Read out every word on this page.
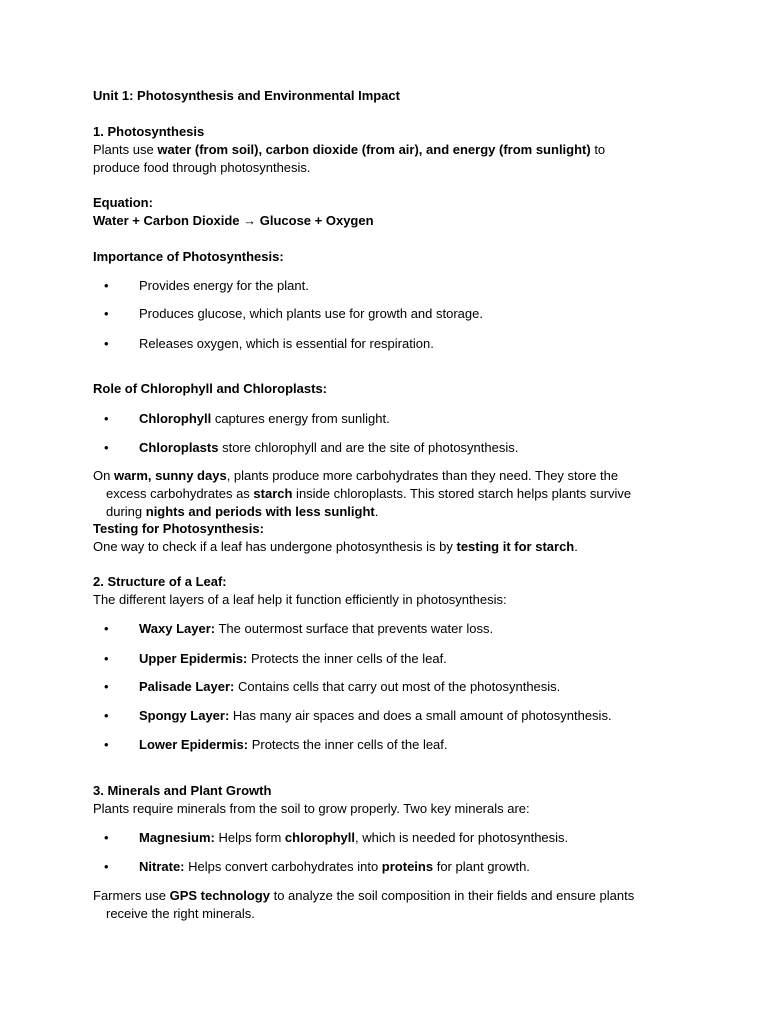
Unit 1: Photosynthesis and Environmental Impact
1. Photosynthesis
Plants use water (from soil), carbon dioxide (from air), and energy (from sunlight) to
produce food through photosynthesis.
Equation:
Water + Carbon Dioxide → Glucose + Oxygen
Importance of Photosynthesis:
• Provides energy for the plant.
• Produces glucose, which plants use for growth and storage.
• Releases oxygen, which is essential for respiration.
Role of Chlorophyll and Chloroplasts:
• Chlorophyll captures energy from sunlight.
• Chloroplasts store chlorophyll and are the site of photosynthesis.
On warm, sunny days, plants produce more carbohydrates than they need. They store the
excess carbohydrates as starch inside chloroplasts. This stored starch helps plants survive
during nights and periods with less sunlight.
Testing for Photosynthesis:
One way to check if a leaf has undergone photosynthesis is by testing it for starch.
2. Structure of a Leaf:
The different layers of a leaf help it function efficiently in photosynthesis:
• Waxy Layer: The outermost surface that prevents water loss.
• Upper Epidermis: Protects the inner cells of the leaf.
• Palisade Layer: Contains cells that carry out most of the photosynthesis.
• Spongy Layer: Has many air spaces and does a small amount of photosynthesis.
• Lower Epidermis: Protects the inner cells of the leaf.
3. Minerals and Plant Growth
Plants require minerals from the soil to grow properly. Two key minerals are:
• Magnesium: Helps form chlorophyll, which is needed for photosynthesis.
• Nitrate: Helps convert carbohydrates into proteins for plant growth.
Farmers use GPS technology to analyze the soil composition in their fields and ensure plants
receive the right minerals.
